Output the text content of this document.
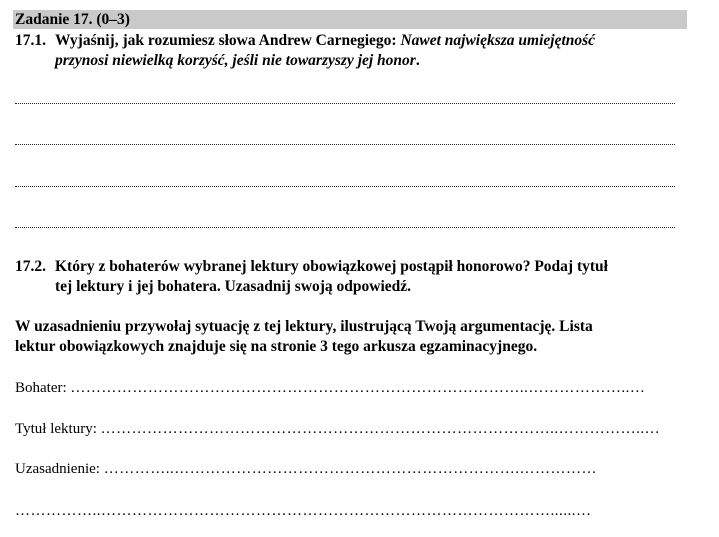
Zadanie 17. (0–3)
17.1. Wyjaśnij, jak rozumiesz słowa Andrew Carnegiego: Nawet największa umiejętność
przynosi niewielką korzyść, jeśli nie towarzyszy jej honor.
17.2. Który z bohaterów wybranej lektury obowiązkowej postąpił honorowo? Podaj tytuł
tej lektury i jej bohatera. Uzasadnij swoją odpowiedź.
W uzasadnieniu przywołaj sytuację z tej lektury, ilustrującą Twoją argumentację. Lista
lektur obowiązkowych znajduje się na stronie 3 tego arkusza egzaminacyjnego.
Bohater: ……………………………………………………………………………..………………..…
Tytuł lektury: ……………………………………………………………………………..……………..…
Uzasadnienie: …………..………………………………………………………….……………
……………..……………………………………………………………………………......…
